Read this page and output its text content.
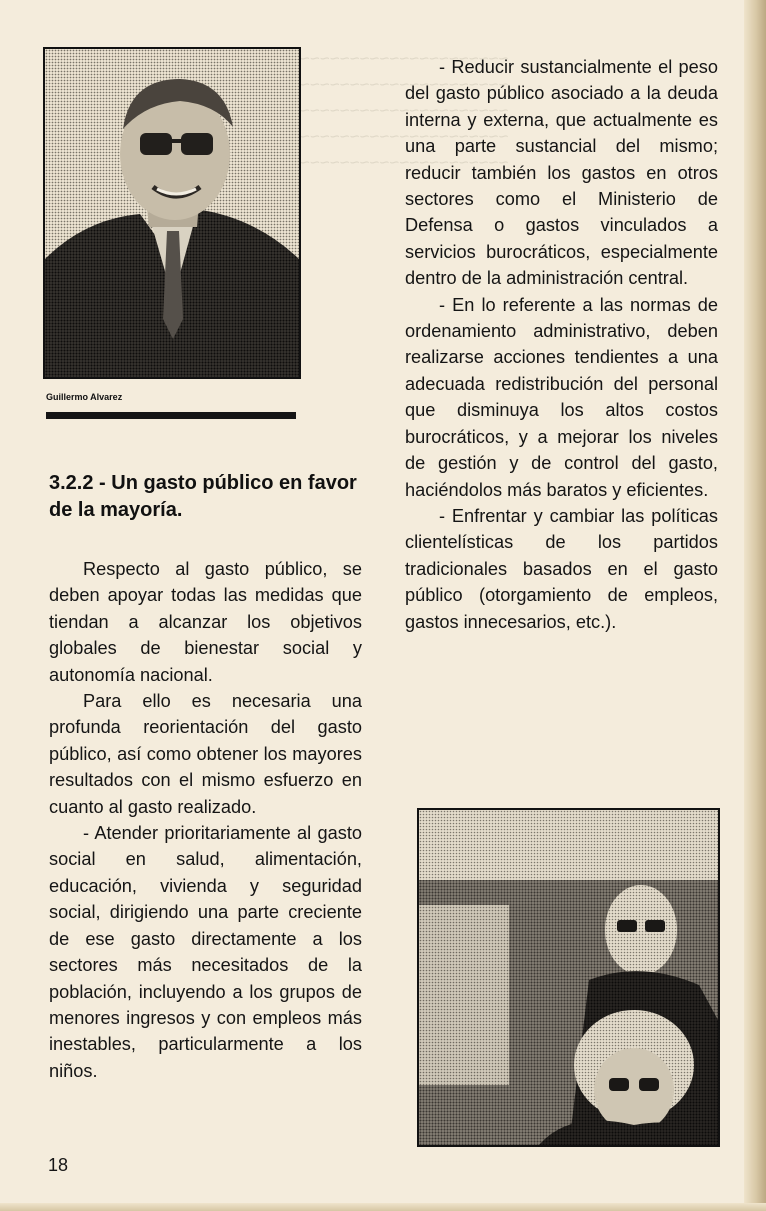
~~~~~~~~~~~~~~~~~~~~~
~~~~~~~~~~~~~~~~~~~~~
~~~~~~~~~~~~~~~~~~~~~
~~~~~~~~~~~~~~~~~~~~~
~~~~~~~~~~~~~~~~~~~~~
Guillermo Alvarez
3.2.2 - Un gasto público en favor de la mayoría.

Respecto al gasto público, se deben apoyar todas las medidas que tiendan a alcanzar los objetivos globales de bienestar social y autonomía nacional.

Para ello es necesaria una profunda reorientación del gasto público, así como obtener los mayores resultados con el mismo esfuerzo en cuanto al gasto realizado.

- Atender prioritariamente al gasto social en salud, alimentación, educación, vivienda y seguridad social, dirigiendo una parte creciente de ese gasto directamente a los sectores más necesitados de la población, incluyendo a los grupos de menores ingresos y con empleos más inestables, particularmente a los niños.

- Reducir sustancialmente el peso del gasto público asociado a la deuda interna y externa, que actualmente es una parte sustancial del mismo; reducir también los gastos en otros sectores como el Ministerio de Defensa o gastos vinculados a servicios burocráticos, especialmente dentro de la administración central.

- En lo referente a las normas de ordenamiento administrativo, deben realizarse acciones tendientes a una adecuada redistribución del personal que disminuya los altos costos burocráticos, y a mejorar los niveles de gestión y de control del gasto, haciéndolos más baratos y eficientes.

- Enfrentar y cambiar las políticas clientelísticas de los partidos tradicionales basados en el gasto público (otorgamiento de empleos, gastos innecesarios, etc.).

18
